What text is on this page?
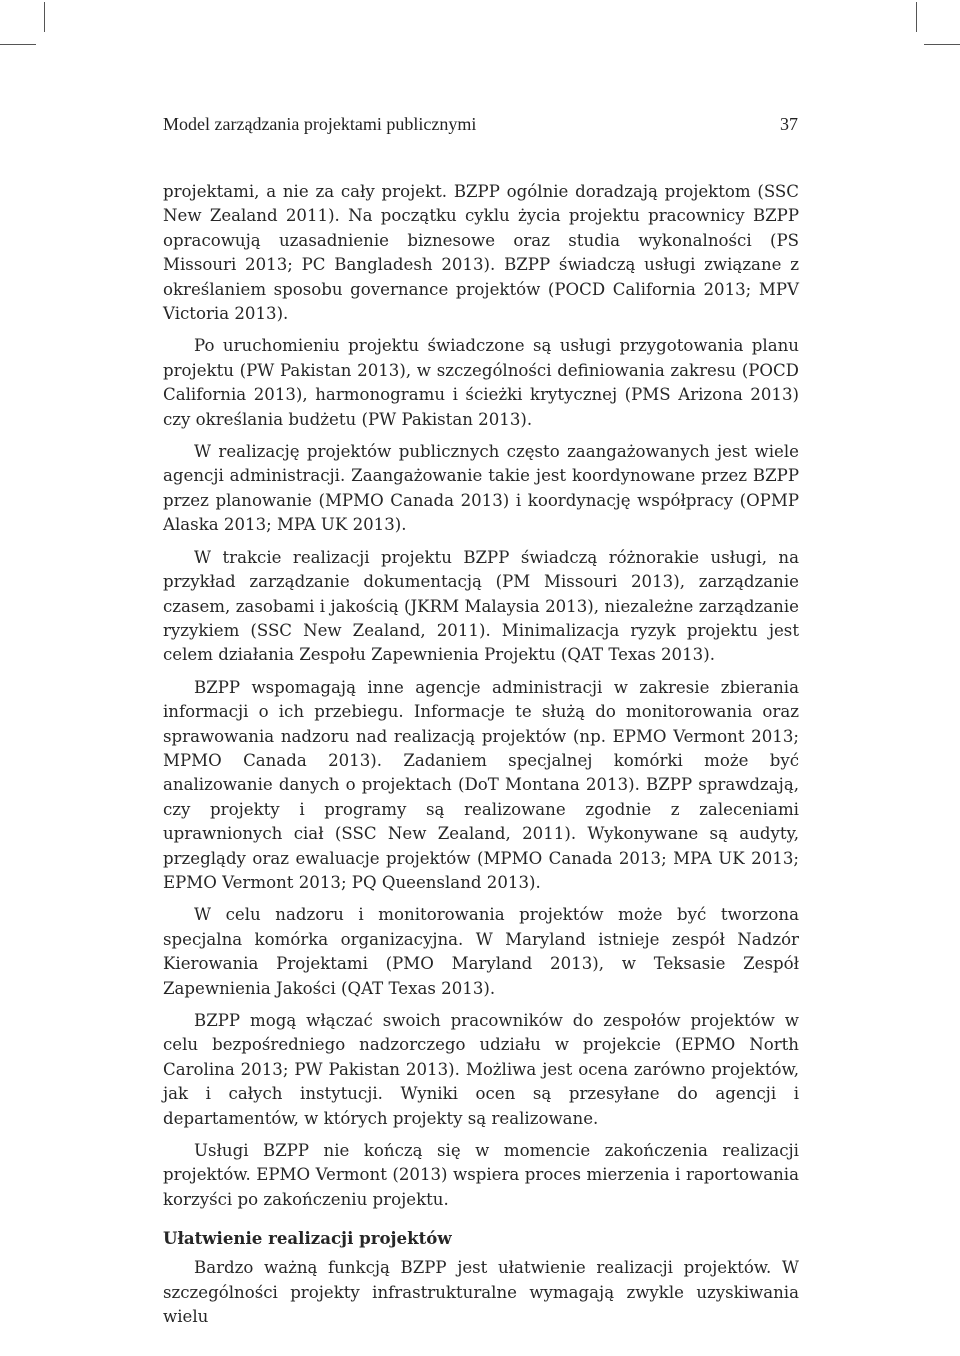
Model zarządzania projektami publicznymi	37

projektami, a nie za cały projekt. BZPP ogólnie doradzają projektom (SSC New Zealand 2011). Na początku cyklu życia projektu pracownicy BZPP opracowują uzasadnienie biznesowe oraz studia wykonalności (PS Missouri 2013; PC Bangladesh 2013). BZPP świadczą usługi związane z określaniem sposobu governance projektów (POCD California 2013; MPV Victoria 2013).

Po uruchomieniu projektu świadczone są usługi przygotowania planu projektu (PW Pakistan 2013), w szczególności definiowania zakresu (POCD California 2013), harmonogramu i ścieżki krytycznej (PMS Arizona 2013) czy określania budżetu (PW Pakistan 2013).

W realizację projektów publicznych często zaangażowanych jest wiele agencji administracji. Zaangażowanie takie jest koordynowane przez BZPP przez planowanie (MPMO Canada 2013) i koordynację współpracy (OPMP Alaska 2013; MPA UK 2013).

W trakcie realizacji projektu BZPP świadczą różnorakie usługi, na przykład zarządzanie dokumentacją (PM Missouri 2013), zarządzanie czasem, zasobami i jakością (JKRM Malaysia 2013), niezależne zarządzanie ryzykiem (SSC New Zealand, 2011). Minimalizacja ryzyk projektu jest celem działania Zespołu Zapewnienia Projektu (QAT Texas 2013).

BZPP wspomagają inne agencje administracji w zakresie zbierania informacji o ich przebiegu. Informacje te służą do monitorowania oraz sprawowania nadzoru nad realizacją projektów (np. EPMO Vermont 2013; MPMO Canada 2013). Zadaniem specjalnej komórki może być analizowanie danych o projektach (DoT Montana 2013). BZPP sprawdzają, czy projekty i programy są realizowane zgodnie z zaleceniami uprawnionych ciał (SSC New Zealand, 2011). Wykonywane są audyty, przeglądy oraz ewaluacje projektów (MPMO Canada 2013; MPA UK 2013; EPMO Vermont 2013; PQ Queensland 2013).

W celu nadzoru i monitorowania projektów może być tworzona specjalna komórka organizacyjna. W Maryland istnieje zespół Nadzór Kierowania Projektami (PMO Maryland 2013), w Teksasie Zespół Zapewnienia Jakości (QAT Texas 2013).

BZPP mogą włączać swoich pracowników do zespołów projektów w celu bezpośredniego nadzorczego udziału w projekcie (EPMO North Carolina 2013; PW Pakistan 2013). Możliwa jest ocena zarówno projektów, jak i całych instytucji. Wyniki ocen są przesyłane do agencji i departamentów, w których projekty są realizowane.

Usługi BZPP nie kończą się w momencie zakończenia realizacji projektów. EPMO Vermont (2013) wspiera proces mierzenia i raportowania korzyści po zakończeniu projektu.

Ułatwienie realizacji projektów

Bardzo ważną funkcją BZPP jest ułatwienie realizacji projektów. W szczególności projekty infrastrukturalne wymagają zwykle uzyskiwania wielu
